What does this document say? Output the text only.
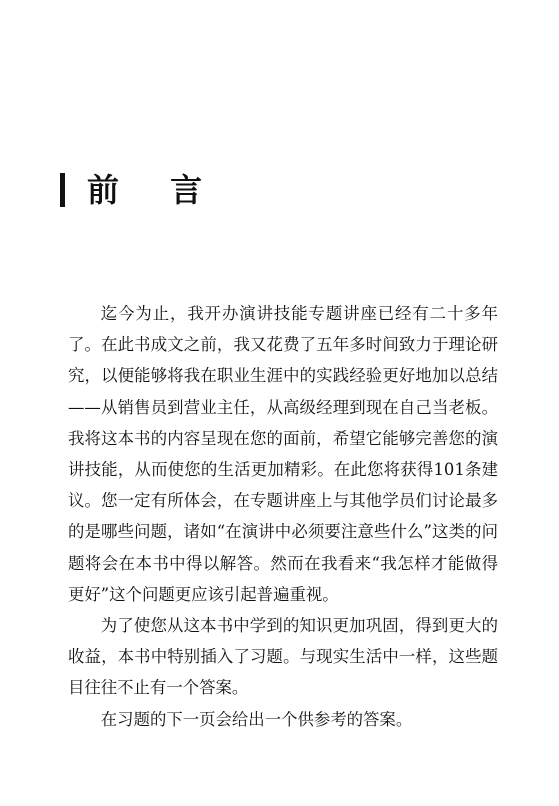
前 言

迄今为止，我开办演讲技能专题讲座已经有二十多年了。在此书成文之前，我又花费了五年多时间致力于理论研究，以便能够将我在职业生涯中的实践经验更好地加以总结——从销售员到营业主任，从高级经理到现在自己当老板。我将这本书的内容呈现在您的面前，希望它能够完善您的演讲技能，从而使您的生活更加精彩。在此您将获得101条建议。您一定有所体会，在专题讲座上与其他学员们讨论最多的是哪些问题，诸如“在演讲中必须要注意些什么”这类的问题将会在本书中得以解答。然而在我看来“我怎样才能做得更好”这个问题更应该引起普遍重视。

为了使您从这本书中学到的知识更加巩固，得到更大的收益，本书中特别插入了习题。与现实生活中一样，这些题目往往不止有一个答案。

在习题的下一页会给出一个供参考的答案。
